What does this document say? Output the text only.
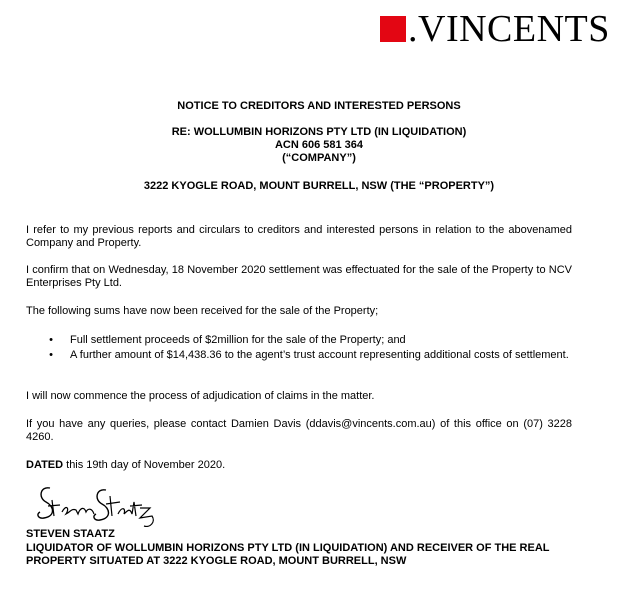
.VINCENTS

NOTICE TO CREDITORS AND INTERESTED PERSONS

RE: WOLLUMBIN HORIZONS PTY LTD (IN LIQUIDATION)

ACN 606 581 364

(“COMPANY”)

3222 KYOGLE ROAD, MOUNT BURRELL, NSW (THE “PROPERTY”)

I refer to my previous reports and circulars to creditors and interested persons in relation to the abovenamed Company and Property.

I confirm that on Wednesday, 18 November 2020 settlement was effectuated for the sale of the Property to NCV Enterprises Pty Ltd.

The following sums have now been received for the sale of the Property;

• Full settlement proceeds of $2million for the sale of the Property; and
• A further amount of $14,438.36 to the agent’s trust account representing additional costs of settlement.

I will now commence the process of adjudication of claims in the matter.

If you have any queries, please contact Damien Davis (ddavis@vincents.com.au) of this office on (07) 3228 4260.

DATED this 19th day of November 2020.

STEVEN STAATZ
LIQUIDATOR OF WOLLUMBIN HORIZONS PTY LTD (IN LIQUIDATION) AND RECEIVER OF THE REAL PROPERTY SITUATED AT 3222 KYOGLE ROAD, MOUNT BURRELL, NSW
